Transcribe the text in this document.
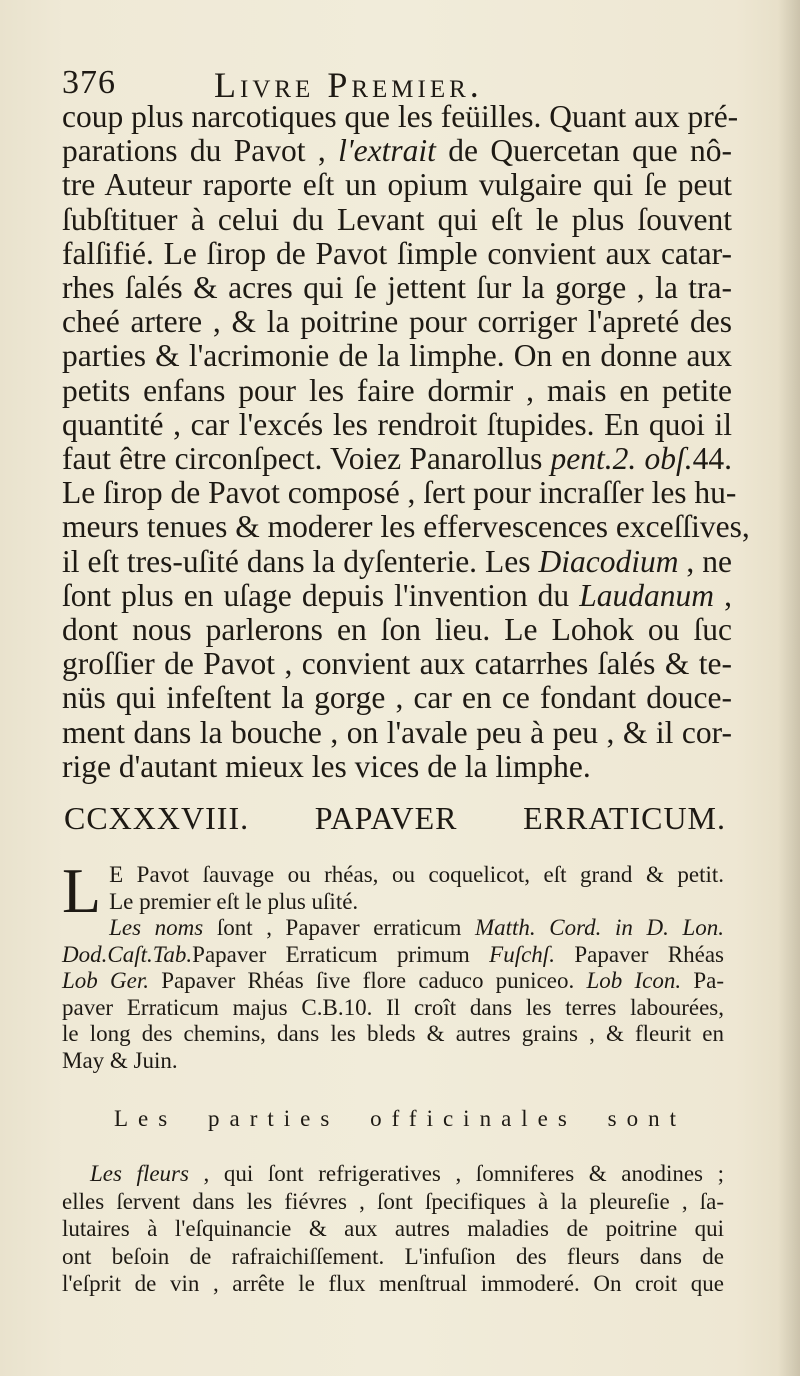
376	Livre Premier.
coup plus narcotiques que les feüilles. Quant aux pré-
parations du Pavot , l'extrait de Quercetan que nô-
tre Auteur raporte eſt un opium vulgaire qui ſe peut
ſubſtituer à celui du Levant qui eſt le plus ſouvent
falſifié. Le ſirop de Pavot ſimple convient aux catar-
rhes ſalés & acres qui ſe jettent ſur la gorge , la tra-
cheé artere , & la poitrine pour corriger l'apreté des
parties & l'acrimonie de la limphe. On en donne aux
petits enfans pour les faire dormir , mais en petite
quantité , car l'excés les rendroit ſtupides. En quoi il
faut être circonſpect. Voiez Panarollus pent.2. obſ.44.
Le ſirop de Pavot composé , ſert pour incraſſer les hu-
meurs tenues & moderer les effervescences exceſſives,
il eſt tres-uſité dans la dyſenterie. Les Diacodium , ne
ſont plus en uſage depuis l'invention du Laudanum ,
dont nous parlerons en ſon lieu. Le Lohok ou ſuc
groſſier de Pavot , convient aux catarrhes ſalés & te-
nüs qui infeſtent la gorge , car en ce fondant douce-
ment dans la bouche , on l'avale peu à peu , & il cor-
rige d'autant mieux les vices de la limphe.
CCXXXVIII. PAPAVER ERRATICUM.
L E Pavot ſauvage ou rhéas, ou coquelicot, eſt grand & petit.
Le premier eſt le plus uſité.
Les noms ſont , Papaver erraticum Matth. Cord. in D. Lon.
Dod.Caſt.Tab.Papaver Erraticum primum Fuſchſ. Papaver Rhéas
Lob Ger. Papaver Rhéas ſive flore caduco puniceo. Lob Icon. Pa-
paver Erraticum majus C.B.10. Il croît dans les terres labourées,
le long des chemins, dans les bleds & autres grains , & fleurit en
May & Juin.
Les parties officinales sont
Les fleurs , qui ſont refrigeratives , ſomniferes & anodines ;
elles ſervent dans les fiévres , ſont ſpecifiques à la pleureſie , ſa-
lutaires à l'eſquinancie & aux autres maladies de poitrine qui
ont beſoin de rafraichiſſement. L'infuſion des fleurs dans de
l'eſprit de vin , arrête le flux menſtrual immoderé. On croit que
